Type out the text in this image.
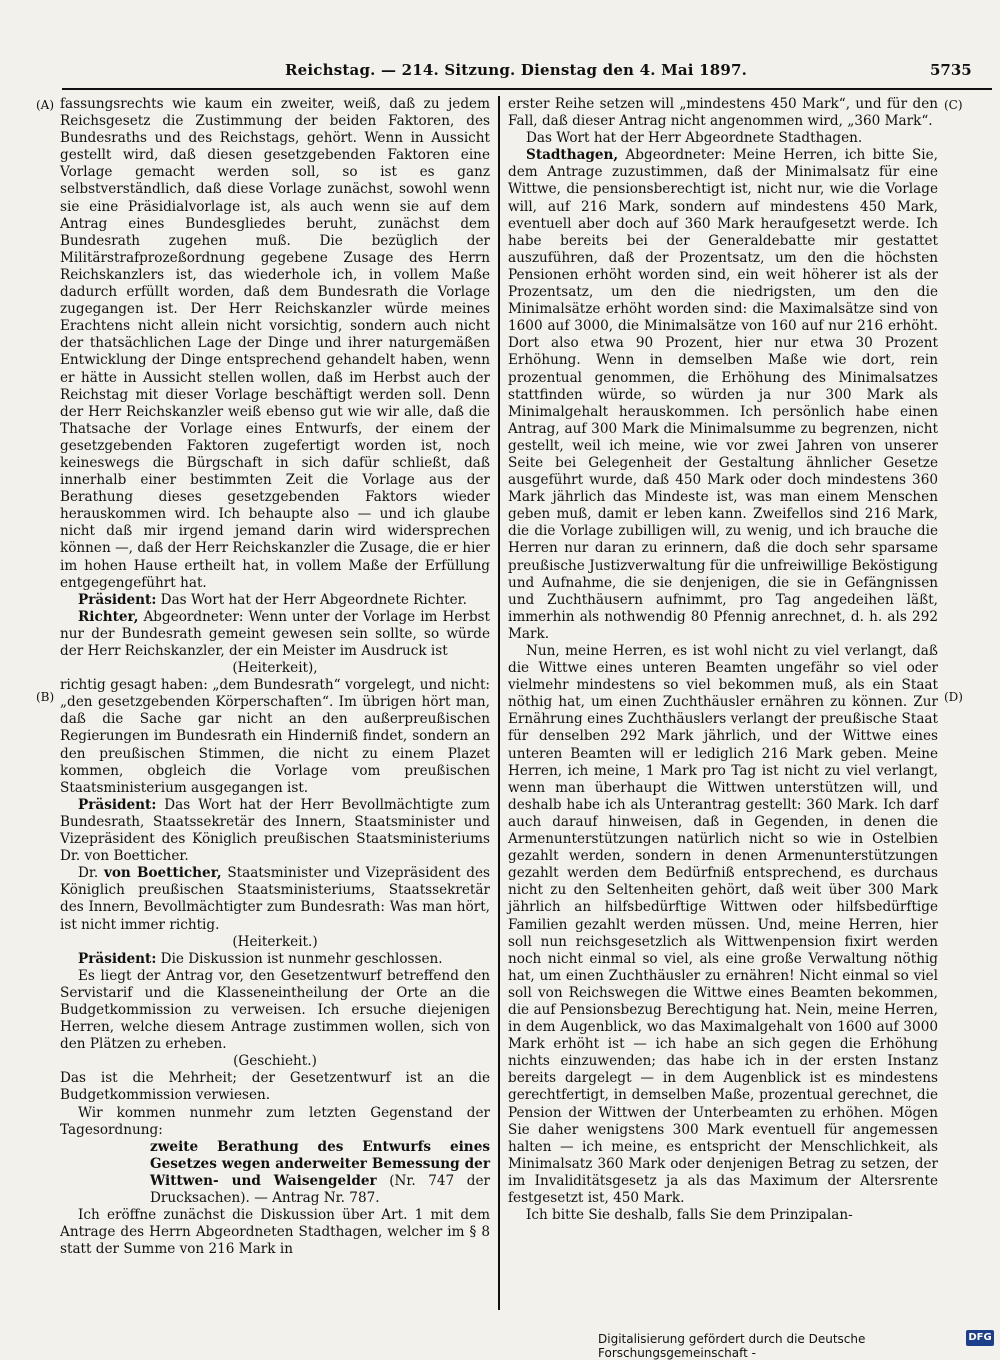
Reichstag. — 214. Sitzung. Dienstag den 4. Mai 1897.	5735
(A)
(B)
(C)
(D)

fassungsrechts wie kaum ein zweiter, weiß, daß zu jedem Reichsgesetz die Zustimmung der beiden Faktoren, des Bundesraths und des Reichstags, gehört. Wenn in Aussicht gestellt wird, daß diesen gesetzgebenden Faktoren eine Vorlage gemacht werden soll, so ist es ganz selbstverständlich, daß diese Vorlage zunächst, sowohl wenn sie eine Präsidialvorlage ist, als auch wenn sie auf dem Antrag eines Bundesgliedes beruht, zunächst dem Bundesrath zugehen muß. Die bezüglich der Militärstrafprozeßordnung gegebene Zusage des Herrn Reichskanzlers ist, das wiederhole ich, in vollem Maße dadurch erfüllt worden, daß dem Bundesrath die Vorlage zugegangen ist. Der Herr Reichskanzler würde meines Erachtens nicht allein nicht vorsichtig, sondern auch nicht der thatsächlichen Lage der Dinge und ihrer naturgemäßen Entwicklung der Dinge entsprechend gehandelt haben, wenn er hätte in Aussicht stellen wollen, daß im Herbst auch der Reichstag mit dieser Vorlage beschäftigt werden soll. Denn der Herr Reichskanzler weiß ebenso gut wie wir alle, daß die Thatsache der Vorlage eines Entwurfs, der einem der gesetzgebenden Faktoren zugefertigt worden ist, noch keineswegs die Bürgschaft in sich dafür schließt, daß innerhalb einer bestimmten Zeit die Vorlage aus der Berathung dieses gesetzgebenden Faktors wieder herauskommen wird. Ich behaupte also — und ich glaube nicht daß mir irgend jemand darin wird widersprechen können —, daß der Herr Reichskanzler die Zusage, die er hier im hohen Hause ertheilt hat, in vollem Maße der Erfüllung entgegengeführt hat.

Präsident: Das Wort hat der Herr Abgeordnete Richter.

Richter, Abgeordneter: Wenn unter der Vorlage im Herbst nur der Bundesrath gemeint gewesen sein sollte, so würde der Herr Reichskanzler, der ein Meister im Ausdruck ist

(Heiterkeit),

richtig gesagt haben: „dem Bundesrath“ vorgelegt, und nicht: „den gesetzgebenden Körperschaften“. Im übrigen hört man, daß die Sache gar nicht an den außerpreußischen Regierungen im Bundesrath ein Hinderniß findet, sondern an den preußischen Stimmen, die nicht zu einem Plazet kommen, obgleich die Vorlage vom preußischen Staatsministerium ausgegangen ist.

Präsident: Das Wort hat der Herr Bevollmächtigte zum Bundesrath, Staatssekretär des Innern, Staatsminister und Vizepräsident des Königlich preußischen Staatsministeriums Dr. von Boetticher.

Dr. von Boetticher, Staatsminister und Vizepräsident des Königlich preußischen Staatsministeriums, Staatssekretär des Innern, Bevollmächtigter zum Bundesrath: Was man hört, ist nicht immer richtig.

(Heiterkeit.)

Präsident: Die Diskussion ist nunmehr geschlossen.

Es liegt der Antrag vor, den Gesetzentwurf betreffend den Servistarif und die Klasseneintheilung der Orte an die Budgetkommission zu verweisen. Ich ersuche diejenigen Herren, welche diesem Antrage zustimmen wollen, sich von den Plätzen zu erheben.

(Geschieht.)

Das ist die Mehrheit; der Gesetzentwurf ist an die Budgetkommission verwiesen.

Wir kommen nunmehr zum letzten Gegenstand der Tagesordnung:

zweite Berathung des Entwurfs eines Gesetzes wegen anderweiter Bemessung der Wittwen- und Waisengelder (Nr. 747 der Drucksachen). — Antrag Nr. 787.

Ich eröffne zunächst die Diskussion über Art. 1 mit dem Antrage des Herrn Abgeordneten Stadthagen, welcher im § 8 statt der Summe von 216 Mark in

erster Reihe setzen will „mindestens 450 Mark“, und für den Fall, daß dieser Antrag nicht angenommen wird, „360 Mark“.

Das Wort hat der Herr Abgeordnete Stadthagen.

Stadthagen, Abgeordneter: Meine Herren, ich bitte Sie, dem Antrage zuzustimmen, daß der Minimalsatz für eine Wittwe, die pensionsberechtigt ist, nicht nur, wie die Vorlage will, auf 216 Mark, sondern auf mindestens 450 Mark, eventuell aber doch auf 360 Mark heraufgesetzt werde. Ich habe bereits bei der Generaldebatte mir gestattet auszuführen, daß der Prozentsatz, um den die höchsten Pensionen erhöht worden sind, ein weit höherer ist als der Prozentsatz, um den die niedrigsten, um den die Minimalsätze erhöht worden sind: die Maximalsätze sind von 1600 auf 3000, die Minimalsätze von 160 auf nur 216 erhöht. Dort also etwa 90 Prozent, hier nur etwa 30 Prozent Erhöhung. Wenn in demselben Maße wie dort, rein prozentual genommen, die Erhöhung des Minimalsatzes stattfinden würde, so würden ja nur 300 Mark als Minimalgehalt herauskommen. Ich persönlich habe einen Antrag, auf 300 Mark die Minimalsumme zu begrenzen, nicht gestellt, weil ich meine, wie vor zwei Jahren von unserer Seite bei Gelegenheit der Gestaltung ähnlicher Gesetze ausgeführt wurde, daß 450 Mark oder doch mindestens 360 Mark jährlich das Mindeste ist, was man einem Menschen geben muß, damit er leben kann. Zweifellos sind 216 Mark, die die Vorlage zubilligen will, zu wenig, und ich brauche die Herren nur daran zu erinnern, daß die doch sehr sparsame preußische Justizverwaltung für die unfreiwillige Beköstigung und Aufnahme, die sie denjenigen, die sie in Gefängnissen und Zuchthäusern aufnimmt, pro Tag angedeihen läßt, immerhin als nothwendig 80 Pfennig anrechnet, d. h. als 292 Mark.

Nun, meine Herren, es ist wohl nicht zu viel verlangt, daß die Wittwe eines unteren Beamten ungefähr so viel oder vielmehr mindestens so viel bekommen muß, als ein Staat nöthig hat, um einen Zuchthäusler ernähren zu können. Zur Ernährung eines Zuchthäuslers verlangt der preußische Staat für denselben 292 Mark jährlich, und der Wittwe eines unteren Beamten will er lediglich 216 Mark geben. Meine Herren, ich meine, 1 Mark pro Tag ist nicht zu viel verlangt, wenn man überhaupt die Wittwen unterstützen will, und deshalb habe ich als Unterantrag gestellt: 360 Mark. Ich darf auch darauf hinweisen, daß in Gegenden, in denen die Armenunterstützungen natürlich nicht so wie in Ostelbien gezahlt werden, sondern in denen Armenunterstützungen gezahlt werden dem Bedürfniß entsprechend, es durchaus nicht zu den Seltenheiten gehört, daß weit über 300 Mark jährlich an hilfsbedürftige Wittwen oder hilfsbedürftige Familien gezahlt werden müssen. Und, meine Herren, hier soll nun reichsgesetzlich als Wittwenpension fixirt werden noch nicht einmal so viel, als eine große Verwaltung nöthig hat, um einen Zuchthäusler zu ernähren! Nicht einmal so viel soll von Reichswegen die Wittwe eines Beamten bekommen, die auf Pensionsbezug Berechtigung hat. Nein, meine Herren, in dem Augenblick, wo das Maximalgehalt von 1600 auf 3000 Mark erhöht ist — ich habe an sich gegen die Erhöhung nichts einzuwenden; das habe ich in der ersten Instanz bereits dargelegt — in dem Augenblick ist es mindestens gerechtfertigt, in demselben Maße, prozentual gerechnet, die Pension der Wittwen der Unterbeamten zu erhöhen. Mögen Sie daher wenigstens 300 Mark eventuell für angemessen halten — ich meine, es entspricht der Menschlichkeit, als Minimalsatz 360 Mark oder denjenigen Betrag zu setzen, der im Invaliditätsgesetz ja als das Maximum der Altersrente festgesetzt ist, 450 Mark.

Ich bitte Sie deshalb, falls Sie dem Prinzipalan-

Digitalisierung gefördert durch die Deutsche Forschungsgemeinschaft -
DFG
